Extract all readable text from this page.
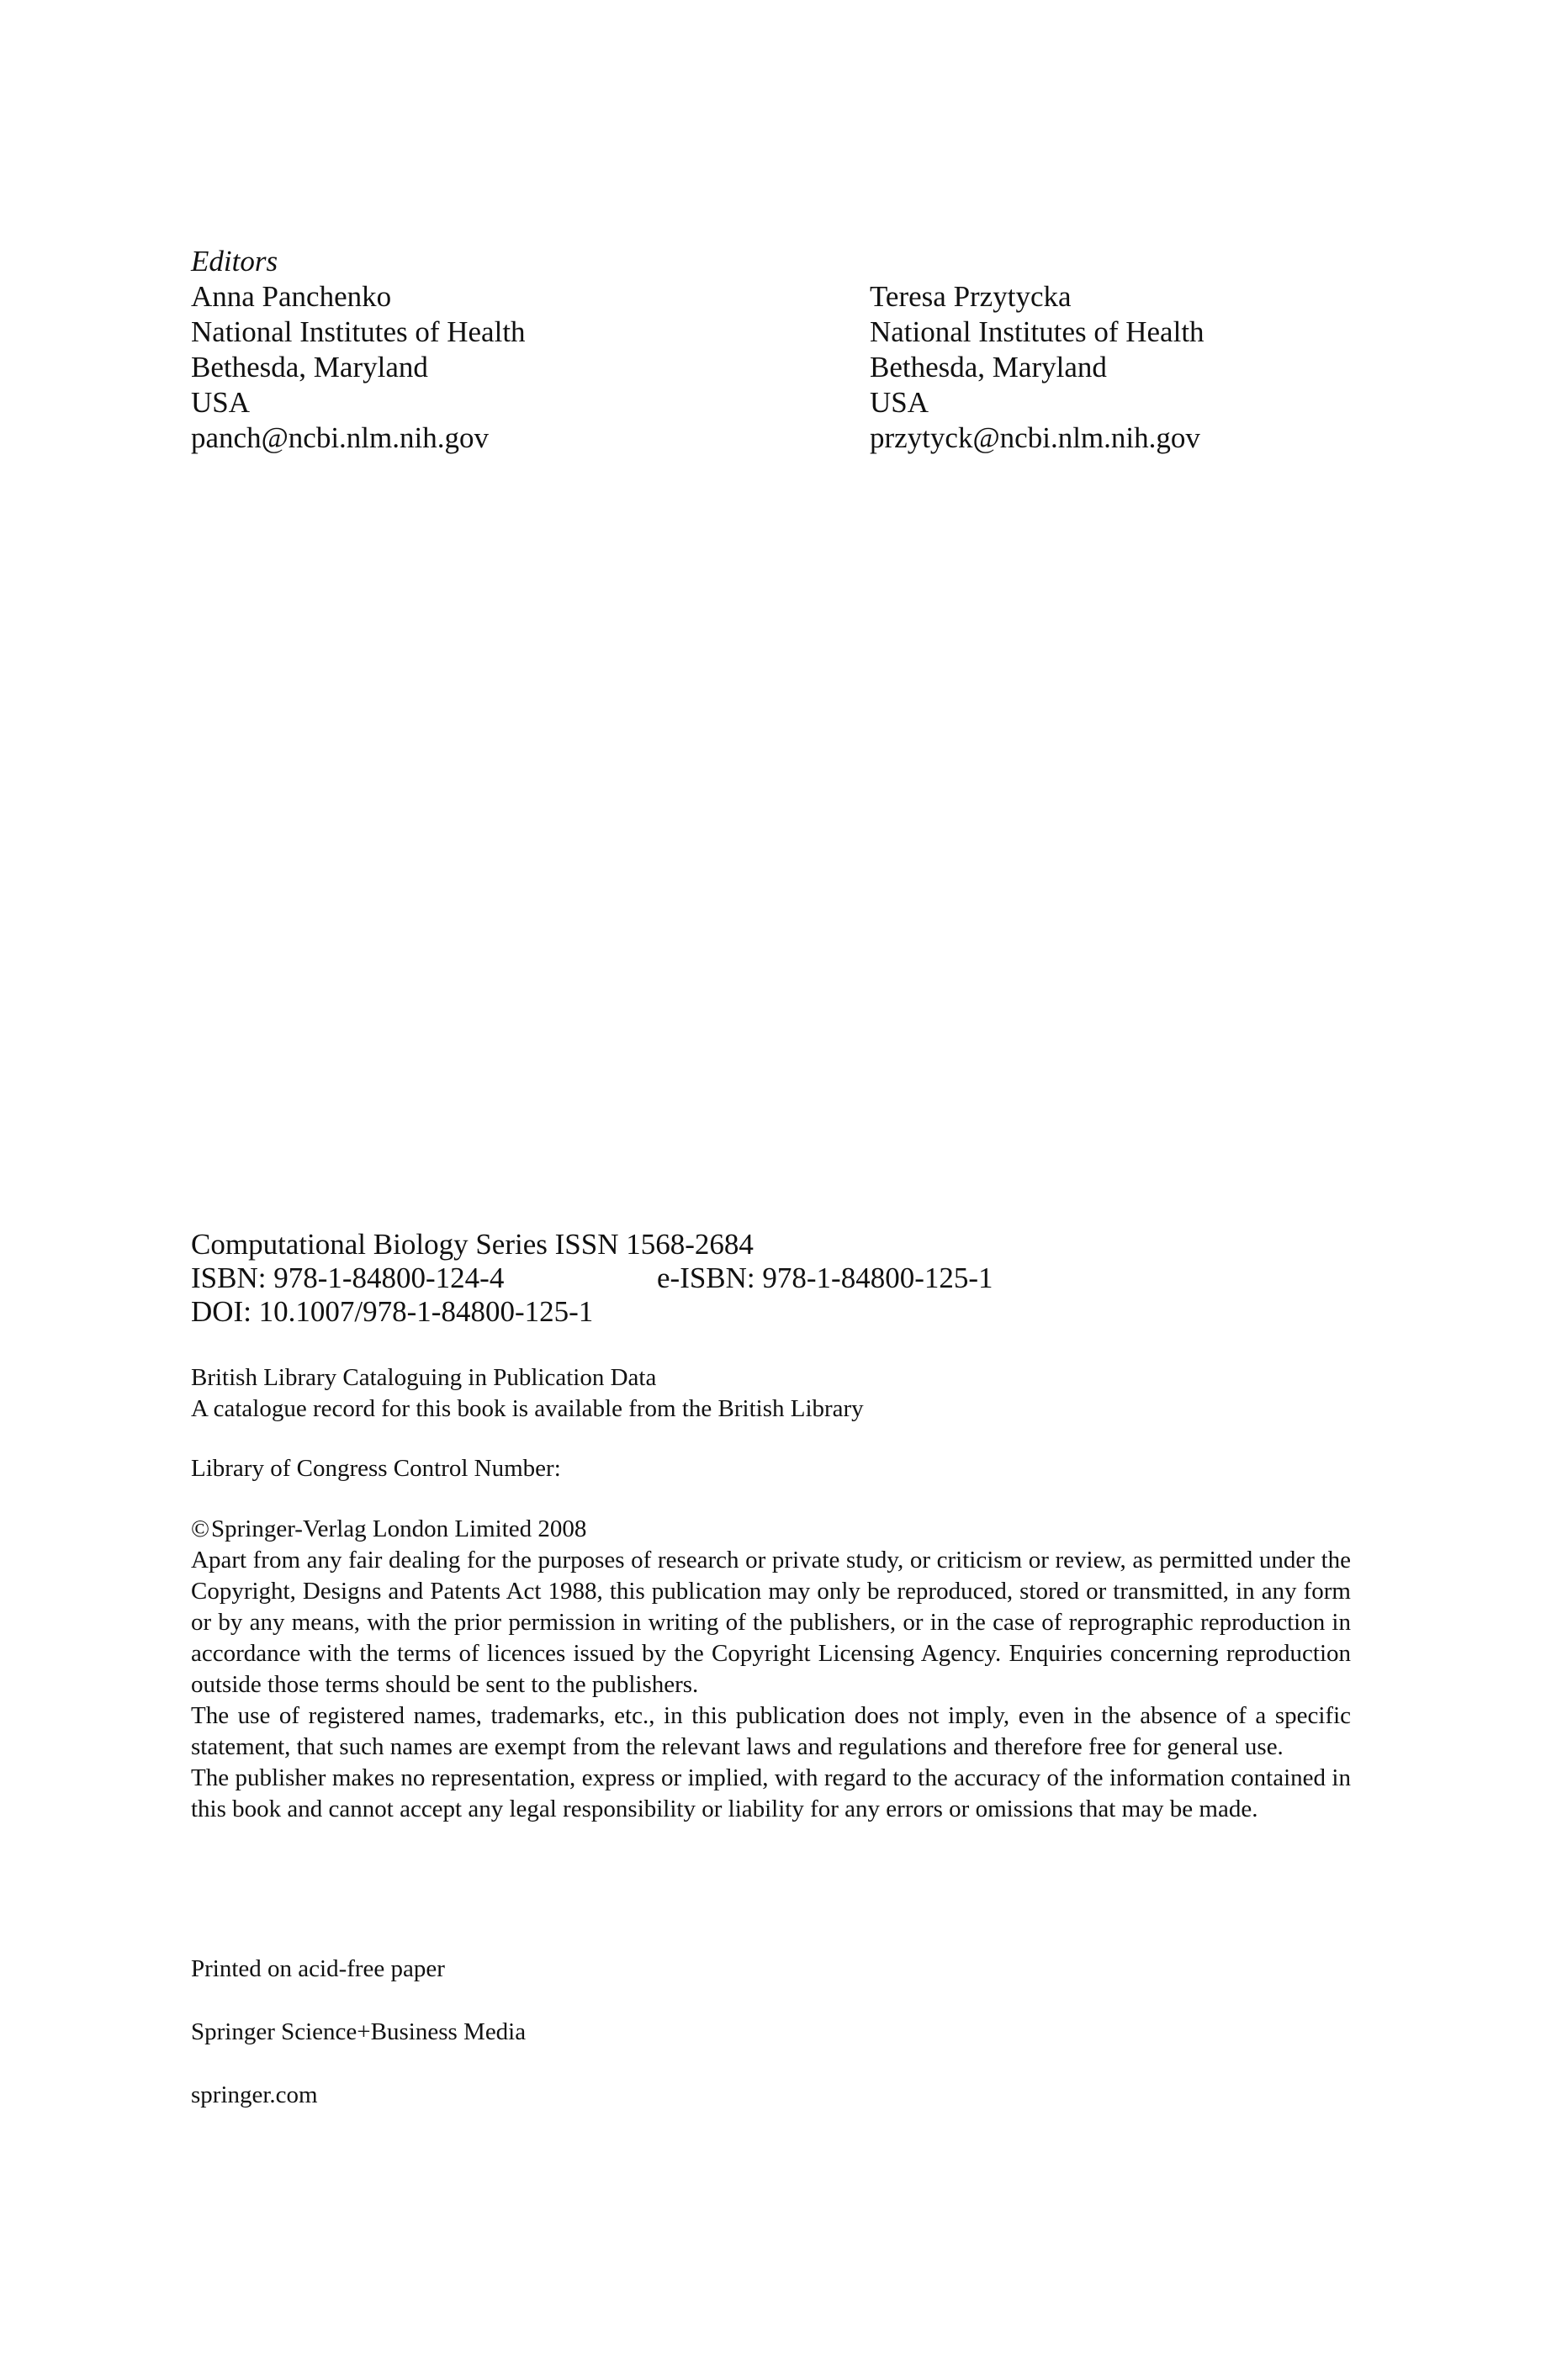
Editors
Anna Panchenko
National Institutes of Health
Bethesda, Maryland
USA
panch@ncbi.nlm.nih.gov
Teresa Przytycka
National Institutes of Health
Bethesda, Maryland
USA
przytyck@ncbi.nlm.nih.gov
Computational Biology Series ISSN 1568-2684
ISBN: 978-1-84800-124-4	e-ISBN: 978-1-84800-125-1
DOI: 10.1007/978-1-84800-125-1
British Library Cataloguing in Publication Data
A catalogue record for this book is available from the British Library
Library of Congress Control Number:
©Springer-Verlag London Limited 2008

Apart from any fair dealing for the purposes of research or private study, or criticism or review, as permitted under the Copyright, Designs and Patents Act 1988, this publication may only be reproduced, stored or transmitted, in any form or by any means, with the prior permission in writing of the publishers, or in the case of reprographic reproduction in accordance with the terms of licences issued by the Copyright Licensing Agency. Enquiries concerning reproduction outside those terms should be sent to the publishers.

The use of registered names, trademarks, etc., in this publication does not imply, even in the absence of a specific statement, that such names are exempt from the relevant laws and regulations and therefore free for general use.

The publisher makes no representation, express or implied, with regard to the accuracy of the information contained in this book and cannot accept any legal responsibility or liability for any errors or omissions that may be made.

Printed on acid-free paper
Springer Science+Business Media
springer.com
